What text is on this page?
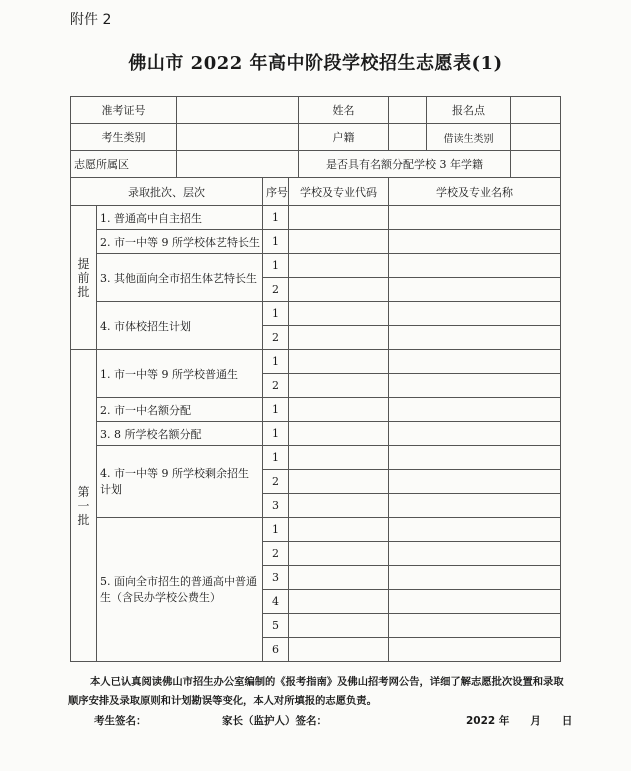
附件 2
佛山市 2022 年高中阶段学校招生志愿表(1)
准考证号					姓名		报名点	
考生类别					户籍		借读生类别	
志愿所属区					是否具有名额分配学校 3 年学籍			
录取批次、层次			序号	学校及专业代码		学校及专业名称		

提
前
批	1. 普通高中自主招生		1					
	2. 市一中等 9 所学校体艺特长生		1					
	3. 其他面向全市招生体艺特长生		1					
			2					
	4. 市体校招生计划		1					
			2					

第
一
批	1. 市一中等 9 所学校普通生		1					
			2					
	2. 市一中名额分配		1					
	3. 8 所学校名额分配		1					
	4. 市一中等 9 所学校剩余招生计划		1					
			2					
			3					
	5. 面向全市招生的普通高中普通生（含民办学校公费生）		1					
			2					
			3					
			4					
			5					
			6					
本人已认真阅读佛山市招生办公室编制的《报考指南》及佛山招考网公告，详细了解志愿批次设置和录取顺序安排及录取原则和计划勘误等变化，本人对所填报的志愿负责。
考生签名：	家长（监护人）签名：	2022 年　　月　　日
